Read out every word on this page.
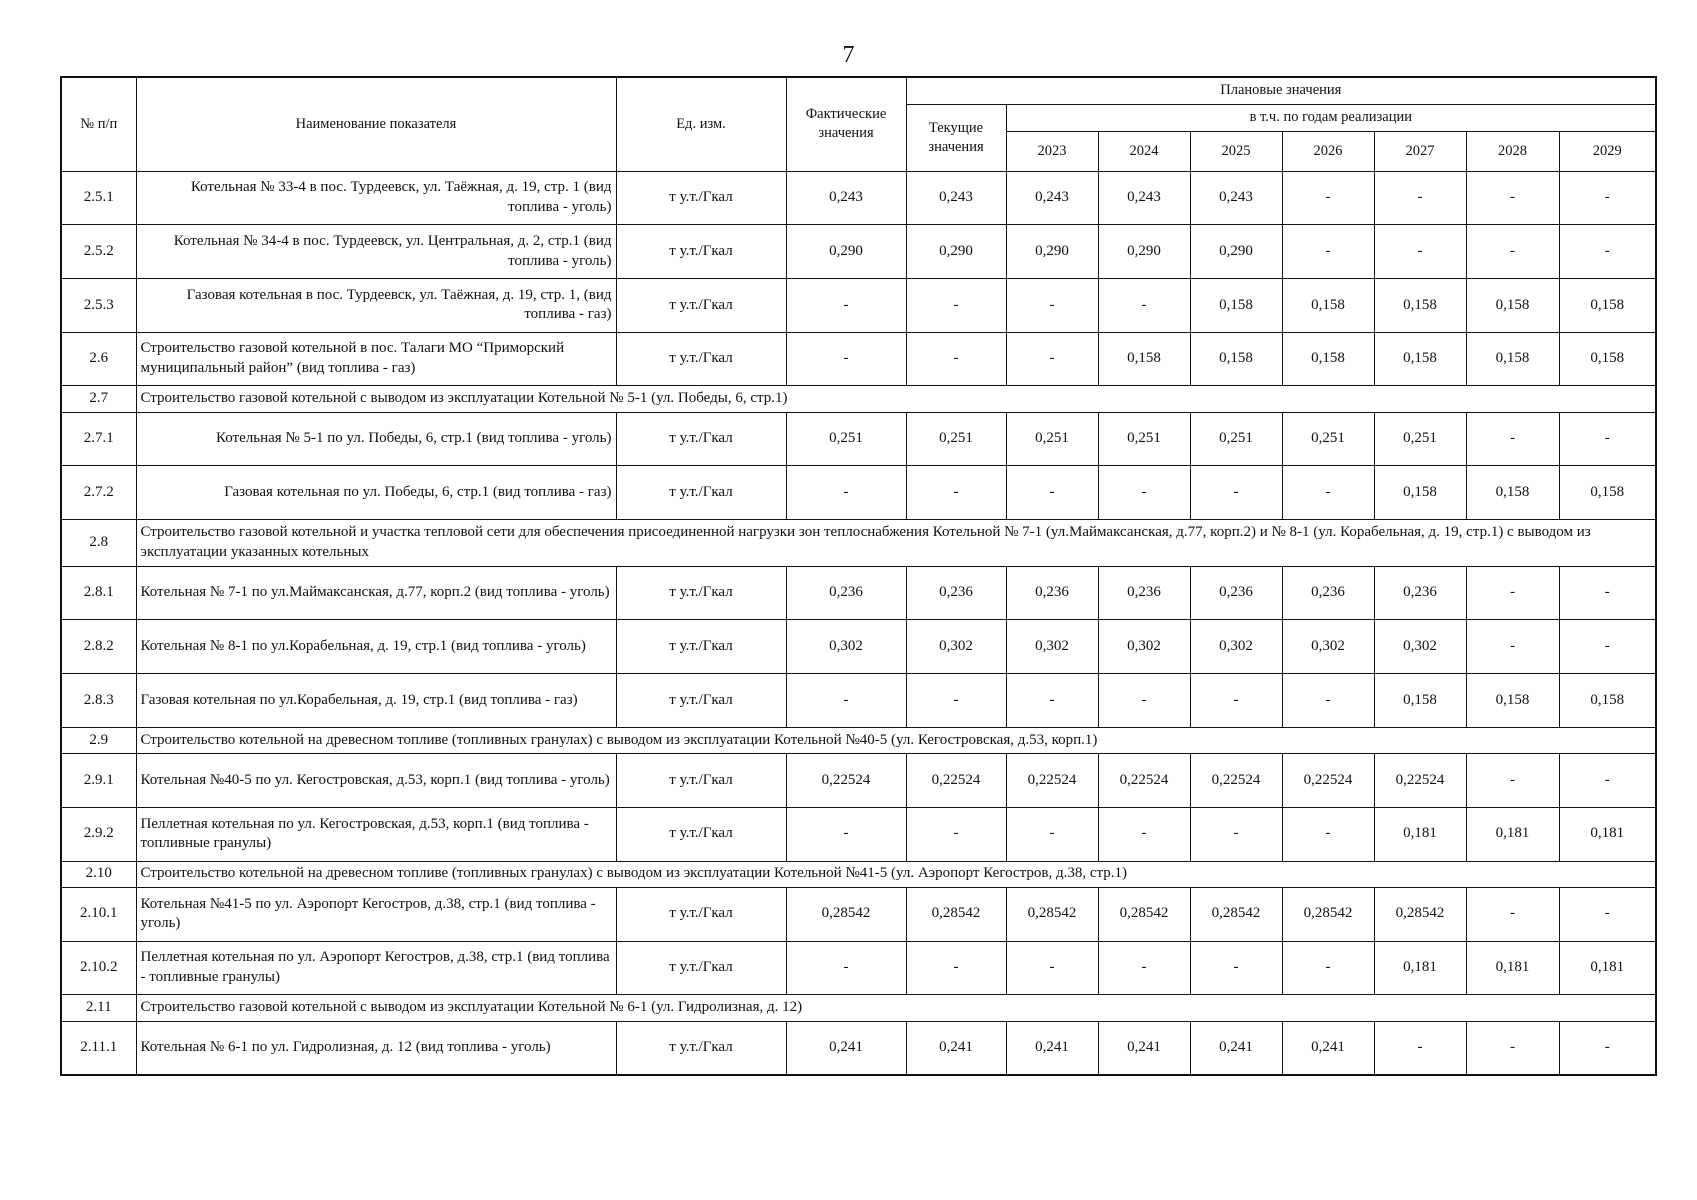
7
№ п/п	Наименование показателя	Ед. изм.	Фактические значения	Плановые значения							
				Текущие значения	в т.ч. по годам реализации						
					2023	2024	2025	2026	2027	2028	2029
2.5.1	Котельная № 33-4 в пос. Турдеевск, ул. Таёжная, д. 19, стр. 1 (вид топлива - уголь)	т у.т./Гкал	0,243	0,243	0,243	0,243	0,243	-	-	-	-
2.5.2	Котельная № 34-4 в пос. Турдеевск, ул. Центральная, д. 2, стр.1 (вид топлива - уголь)	т у.т./Гкал	0,290	0,290	0,290	0,290	0,290	-	-	-	-
2.5.3	Газовая котельная в пос. Турдеевск, ул. Таёжная, д. 19, стр. 1, (вид топлива - газ)	т у.т./Гкал	-	-	-	-	0,158	0,158	0,158	0,158	0,158
2.6	Строительство газовой котельной в пос. Талаги МО “Приморский муниципальный район” (вид топлива - газ)	т у.т./Гкал	-	-	-	0,158	0,158	0,158	0,158	0,158	0,158
2.7	Строительство газовой котельной с выводом из эксплуатации Котельной № 5-1 (ул. Победы, 6, стр.1)										
2.7.1	Котельная № 5-1 по ул. Победы, 6, стр.1 (вид топлива - уголь)	т у.т./Гкал	0,251	0,251	0,251	0,251	0,251	0,251	0,251	-	-
2.7.2	Газовая котельная по ул. Победы, 6, стр.1 (вид топлива - газ)	т у.т./Гкал	-	-	-	-	-	-	0,158	0,158	0,158
2.8	Строительство газовой котельной и участка тепловой сети для обеспечения присоединенной нагрузки зон теплоснабжения Котельной № 7-1 (ул.Маймаксанская, д.77, корп.2) и № 8-1 (ул. Корабельная, д. 19, стр.1) с выводом из эксплуатации указанных котельных										
2.8.1	Котельная № 7-1 по ул.Маймаксанская, д.77, корп.2 (вид топлива - уголь)	т у.т./Гкал	0,236	0,236	0,236	0,236	0,236	0,236	0,236	-	-
2.8.2	Котельная № 8-1 по ул.Корабельная, д. 19, стр.1 (вид топлива - уголь)	т у.т./Гкал	0,302	0,302	0,302	0,302	0,302	0,302	0,302	-	-
2.8.3	Газовая котельная по ул.Корабельная, д. 19, стр.1 (вид топлива - газ)	т у.т./Гкал	-	-	-	-	-	-	0,158	0,158	0,158
2.9	Строительство котельной на древесном топливе (топливных гранулах) с выводом из эксплуатации Котельной №40-5 (ул. Кегостровская, д.53, корп.1)										
2.9.1	Котельная №40-5 по ул. Кегостровская, д.53, корп.1 (вид топлива - уголь)	т у.т./Гкал	0,22524	0,22524	0,22524	0,22524	0,22524	0,22524	0,22524	-	-
2.9.2	Пеллетная котельная по ул. Кегостровская, д.53, корп.1 (вид топлива - топливные гранулы)	т у.т./Гкал	-	-	-	-	-	-	0,181	0,181	0,181
2.10	Строительство котельной на древесном топливе (топливных гранулах) с выводом из эксплуатации Котельной №41-5 (ул. Аэропорт Кегостров, д.38, стр.1)										
2.10.1	Котельная №41-5 по ул. Аэропорт Кегостров, д.38, стр.1 (вид топлива - уголь)	т у.т./Гкал	0,28542	0,28542	0,28542	0,28542	0,28542	0,28542	0,28542	-	-
2.10.2	Пеллетная котельная по ул. Аэропорт Кегостров, д.38, стр.1 (вид топлива - топливные гранулы)	т у.т./Гкал	-	-	-	-	-	-	0,181	0,181	0,181
2.11	Строительство газовой котельной с выводом из эксплуатации Котельной № 6-1 (ул. Гидролизная, д. 12)										
2.11.1	Котельная № 6-1 по ул. Гидролизная, д. 12 (вид топлива - уголь)	т у.т./Гкал	0,241	0,241	0,241	0,241	0,241	0,241	-	-	-
